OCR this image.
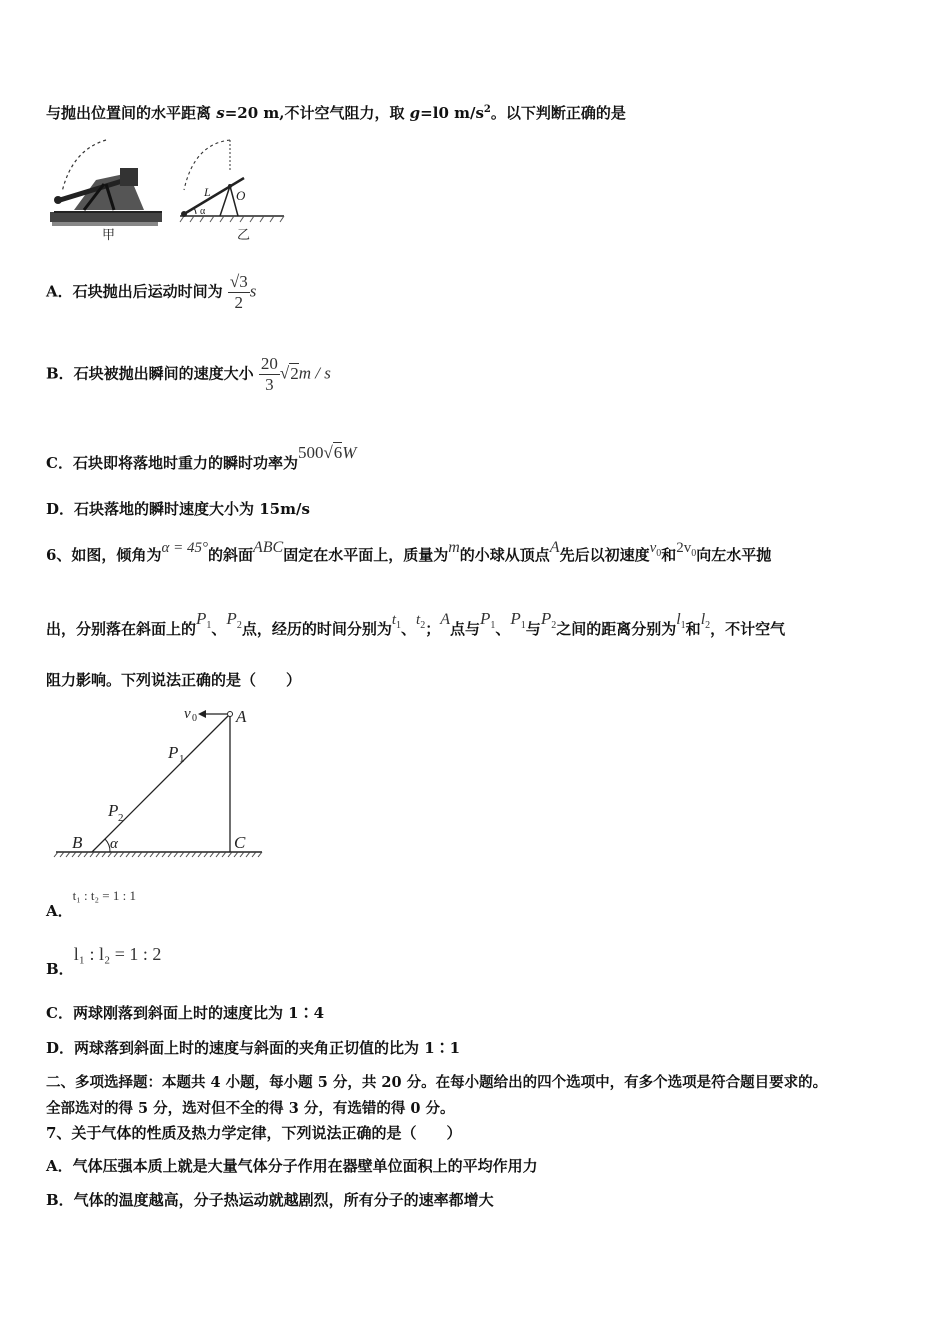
与抛出位置间的水平距离 s=20 m,不计空气阻力，取 g=l0 $m/s^2$。以下判断正确的是
甲
L O
α
乙
A．石块抛出后运动时间为 $\frac{√3}{2}$ s
B．石块被抛出瞬间的速度大小 $\frac{20}{3} √2m$ / s
C．石块即将落地时重力的瞬时功率为500√6W
D．石块落地的瞬时速度大小为 15m/s
6、如图，倾角为α = 45°的斜面ABC固定在水平面上，质量为m的小球从顶点A先后以初速度$v_0$和$2v_0$向左水平抛
出，分别落在斜面上的$P_1$、$P_2$点，经历的时间分别为$t_1$、$t_2$；A点与$P_1$、$P_1$与$P_2$之间的距离分别为$l_1$和$l_2$，不计空气
阻力影响。下列说法正确的是（　　）
v 0 A
P 1
P 2
B α	C
A．t₁ : t₂ = 1 : 1
B．l₁ : l₂ = 1 : 2
C．两球刚落到斜面上时的速度比为 1∶4
D．两球落到斜面上时的速度与斜面的夹角正切值的比为 1∶1
二、多项选择题：本题共 4 小题，每小题 5 分，共 20 分。在每小题给出的四个选项中，有多个选项是符合题目要求的。
全部选对的得 5 分，选对但不全的得 3 分，有选错的得 0 分。
7、关于气体的性质及热力学定律，下列说法正确的是（　　）
A．气体压强本质上就是大量气体分子作用在器壁单位面积上的平均作用力
B．气体的温度越高，分子热运动就越剧烈，所有分子的速率都增大
